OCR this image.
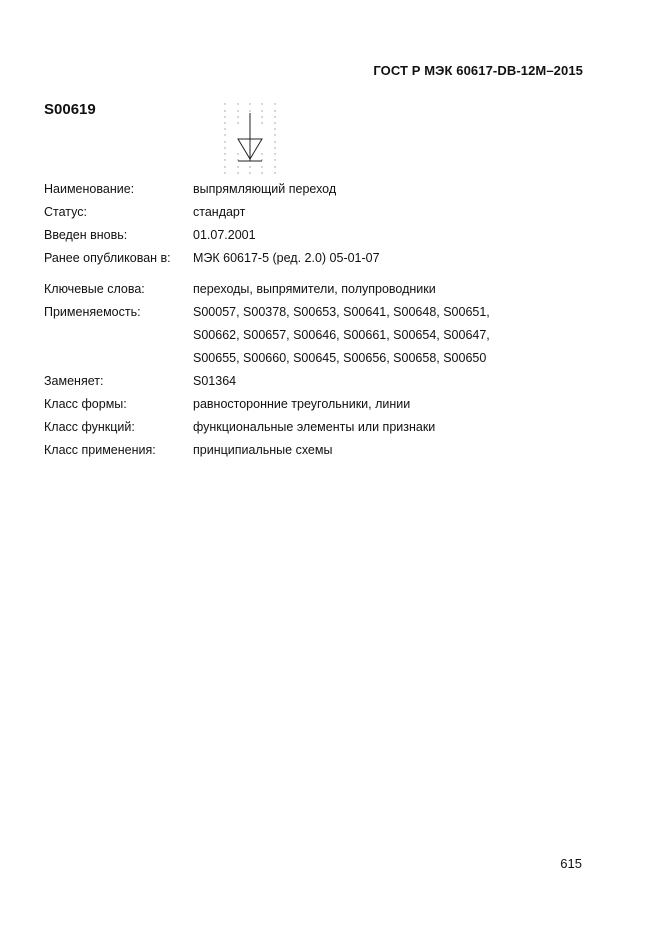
ГОСТ Р МЭК 60617-DB-12M–2015
S00619
Наименование:	выпрямляющий переход
Статус:	стандарт
Введен вновь:	01.07.2001
Ранее опубликован в:	МЭК 60617-5 (ред. 2.0) 05-01-07
Ключевые слова:	переходы, выпрямители, полупроводники
Применяемость:	S00057, S00378, S00653, S00641, S00648, S00651,
S00662, S00657, S00646, S00661, S00654, S00647,
S00655, S00660, S00645, S00656, S00658, S00650
Заменяет:	S01364
Класс формы:	равносторонние треугольники, линии
Класс функций:	функциональные элементы или признаки
Класс применения:	принципиальные схемы
615
